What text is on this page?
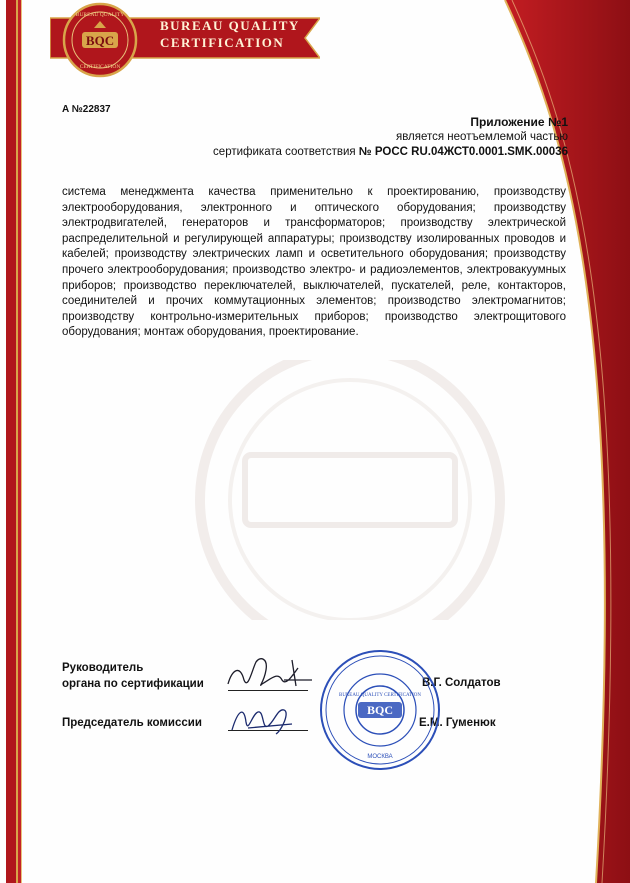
BUREAU QUALITY
CERTIFICATION
BQC
BUREAU QUALITY
CERTIFICATION
A №22837
Приложение №1
является неотъемлемой частью
сертификата соответствия № РОСС RU.04ЖСТ0.0001.SMK.00036
система менеджмента качества применительно к проектированию, производству электрооборудования, электронного и оптического оборудования; производству электродвигателей, генераторов и трансформаторов; производству электрической распределительной и регулирующей аппаратуры; производству изолированных проводов и кабелей; производству электрических ламп и осветительного оборудования; производству прочего электрооборудования; производство электро- и радиоэлементов, электровакуумных приборов; производство переключателей, выключателей, пускателей, реле, контакторов, соединителей и прочих коммутационных элементов; производство электромагнитов; производству контрольно-измерительных приборов; производство электрощитового оборудования; монтаж оборудования, проектирование.
Руководитель
органа по сертификации	В.Г. Солдатов
Председатель комиссии	Е.М. Гуменюк
BQC
BUREAU QUALITY CERTIFICATION
МОСКВА
